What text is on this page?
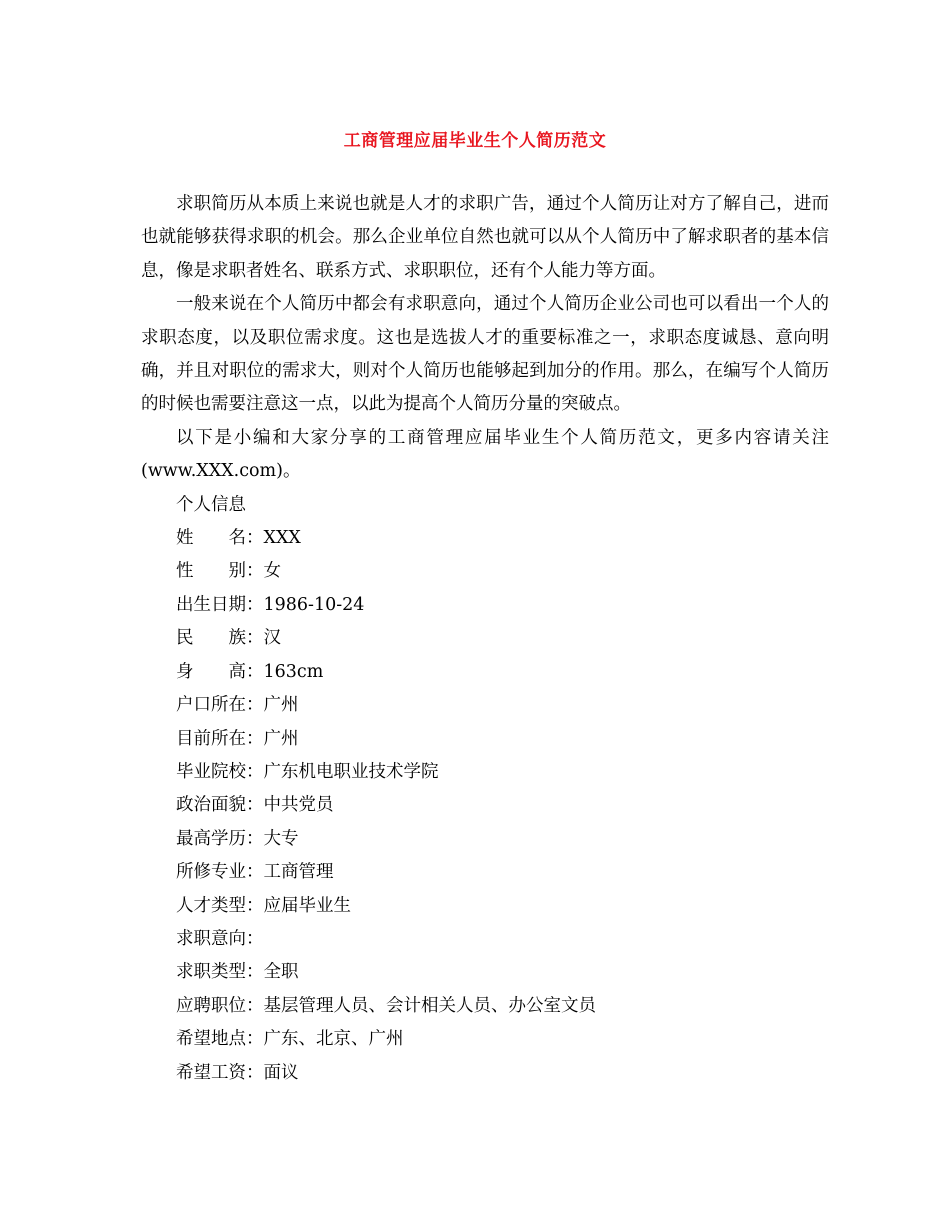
工商管理应届毕业生个人简历范文

求职简历从本质上来说也就是人才的求职广告，通过个人简历让对方了解自己，进而也就能够获得求职的机会。那么企业单位自然也就可以从个人简历中了解求职者的基本信息，像是求职者姓名、联系方式、求职职位，还有个人能力等方面。

一般来说在个人简历中都会有求职意向，通过个人简历企业公司也可以看出一个人的求职态度，以及职位需求度。这也是选拔人才的重要标准之一，求职态度诚恳、意向明确，并且对职位的需求大，则对个人简历也能够起到加分的作用。那么，在编写个人简历的时候也需要注意这一点，以此为提高个人简历分量的突破点。

以下是小编和大家分享的工商管理应届毕业生个人简历范文，更多内容请关注(www.XXX.com)。

个人信息

姓　　名：XXX

性　　别：女

出生日期：1986-10-24

民　　族：汉

身　　高：163cm

户口所在：广州

目前所在：广州

毕业院校：广东机电职业技术学院

政治面貌：中共党员

最高学历：大专

所修专业：工商管理

人才类型：应届毕业生

求职意向：

求职类型：全职

应聘职位：基层管理人员、会计相关人员、办公室文员

希望地点：广东、北京、广州

希望工资：面议
